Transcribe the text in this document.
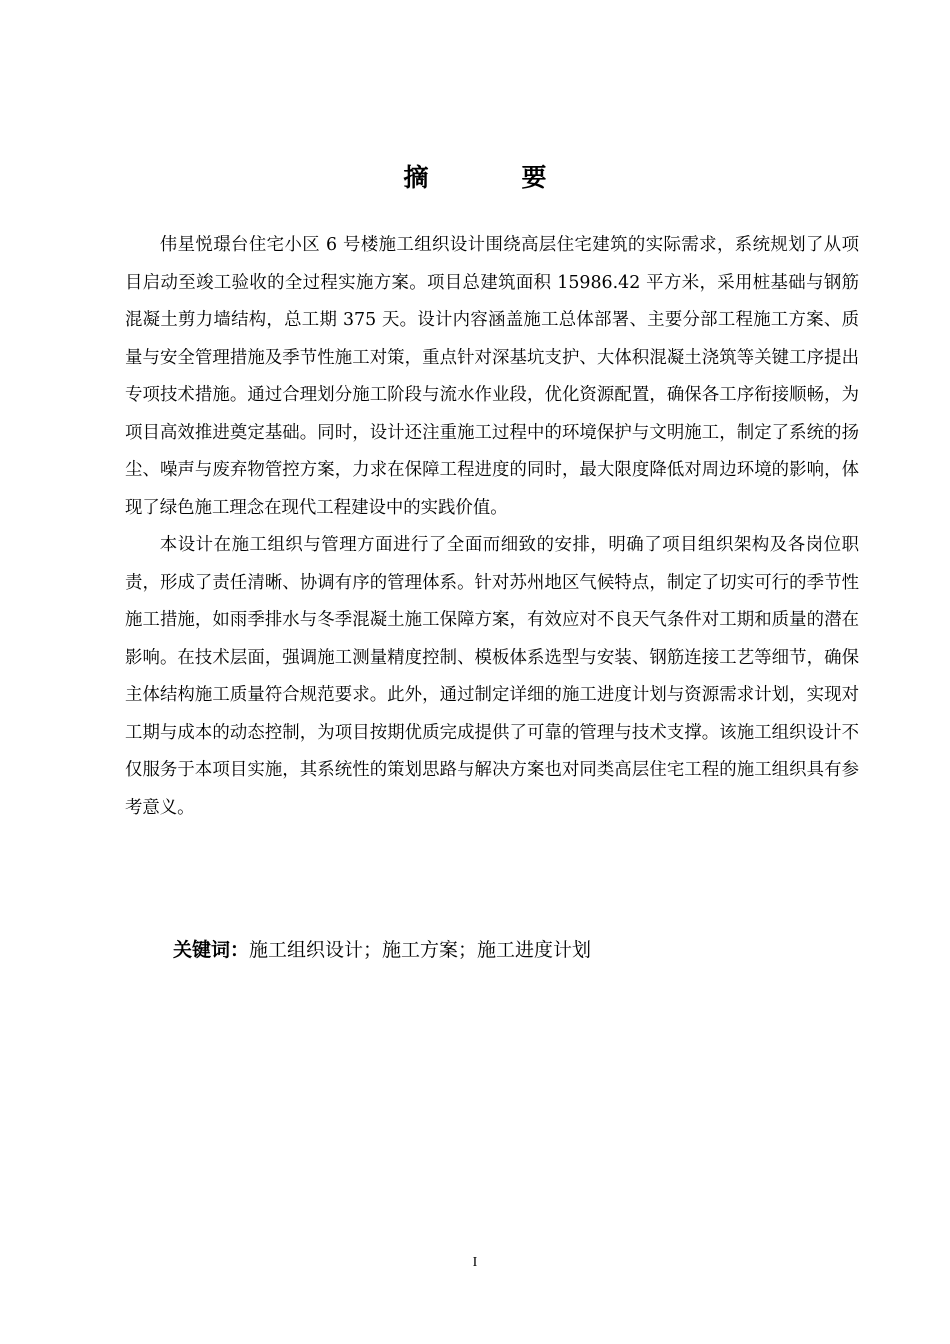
摘　要

伟星悦璟台住宅小区 6 号楼施工组织设计围绕高层住宅建筑的实际需求，系统规划了从项目启动至竣工验收的全过程实施方案。项目总建筑面积 15986.42 平方米，采用桩基础与钢筋混凝土剪力墙结构，总工期 375 天。设计内容涵盖施工总体部署、主要分部工程施工方案、质量与安全管理措施及季节性施工对策，重点针对深基坑支护、大体积混凝土浇筑等关键工序提出专项技术措施。通过合理划分施工阶段与流水作业段，优化资源配置，确保各工序衔接顺畅，为项目高效推进奠定基础。同时，设计还注重施工过程中的环境保护与文明施工，制定了系统的扬尘、噪声与废弃物管控方案，力求在保障工程进度的同时，最大限度降低对周边环境的影响，体现了绿色施工理念在现代工程建设中的实践价值。

本设计在施工组织与管理方面进行了全面而细致的安排，明确了项目组织架构及各岗位职责，形成了责任清晰、协调有序的管理体系。针对苏州地区气候特点，制定了切实可行的季节性施工措施，如雨季排水与冬季混凝土施工保障方案，有效应对不良天气条件对工期和质量的潜在影响。在技术层面，强调施工测量精度控制、模板体系选型与安装、钢筋连接工艺等细节，确保主体结构施工质量符合规范要求。此外，通过制定详细的施工进度计划与资源需求计划，实现对工期与成本的动态控制，为项目按期优质完成提供了可靠的管理与技术支撑。该施工组织设计不仅服务于本项目实施，其系统性的策划思路与解决方案也对同类高层住宅工程的施工组织具有参考意义。

关键词：施工组织设计；施工方案；施工进度计划
I
